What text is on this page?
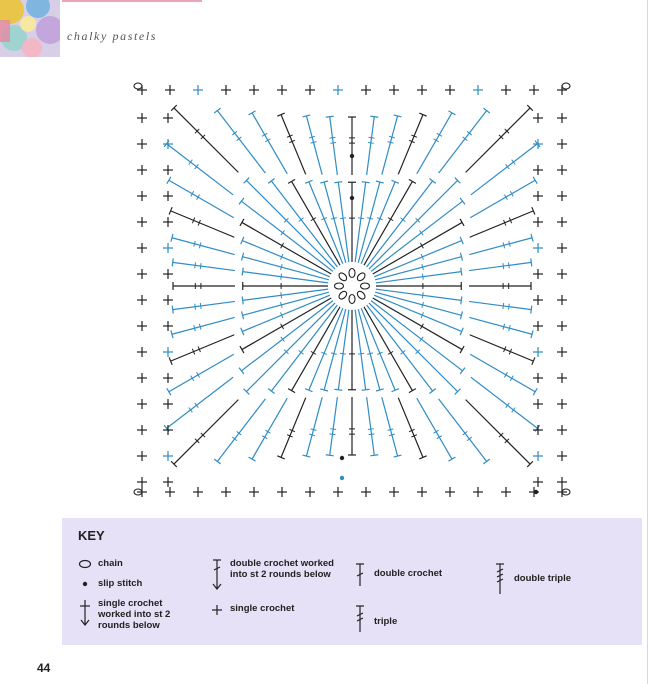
chalky pastels
KEY
chain
slip stitch
single crochet worked into st 2 rounds below
double crochet worked into st 2 rounds below
single crochet
double crochet
triple
double triple
44
